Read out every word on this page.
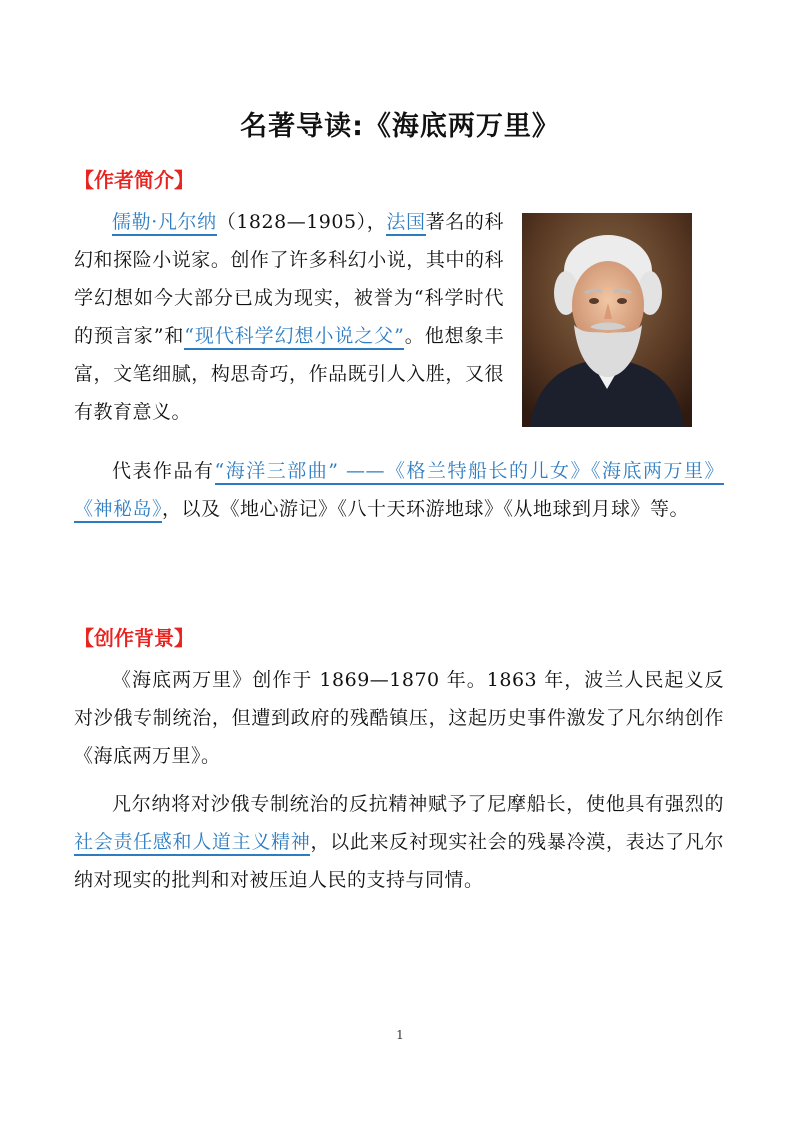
名著导读:《海底两万里》
【作者简介】
儒勒·凡尔纳（1828—1905），法国著名的科幻和探险小说家。创作了许多科幻小说，其中的科学幻想如今大部分已成为现实，被誉为“科学时代的预言家”和“现代科学幻想小说之父”。他想象丰富，文笔细腻，构思奇巧，作品既引人入胜，又很有教育意义。
代表作品有“海洋三部曲” ——《格兰特船长的儿女》《海底两万里》《神秘岛》，以及《地心游记》《八十天环游地球》《从地球到月球》等。
【创作背景】
《海底两万里》创作于 1869—1870 年。1863 年，波兰人民起义反对沙俄专制统治，但遭到政府的残酷镇压，这起历史事件激发了凡尔纳创作《海底两万里》。
凡尔纳将对沙俄专制统治的反抗精神赋予了尼摩船长，使他具有强烈的社会责任感和人道主义精神，以此来反衬现实社会的残暴冷漠，表达了凡尔纳对现实的批判和对被压迫人民的支持与同情。
1
